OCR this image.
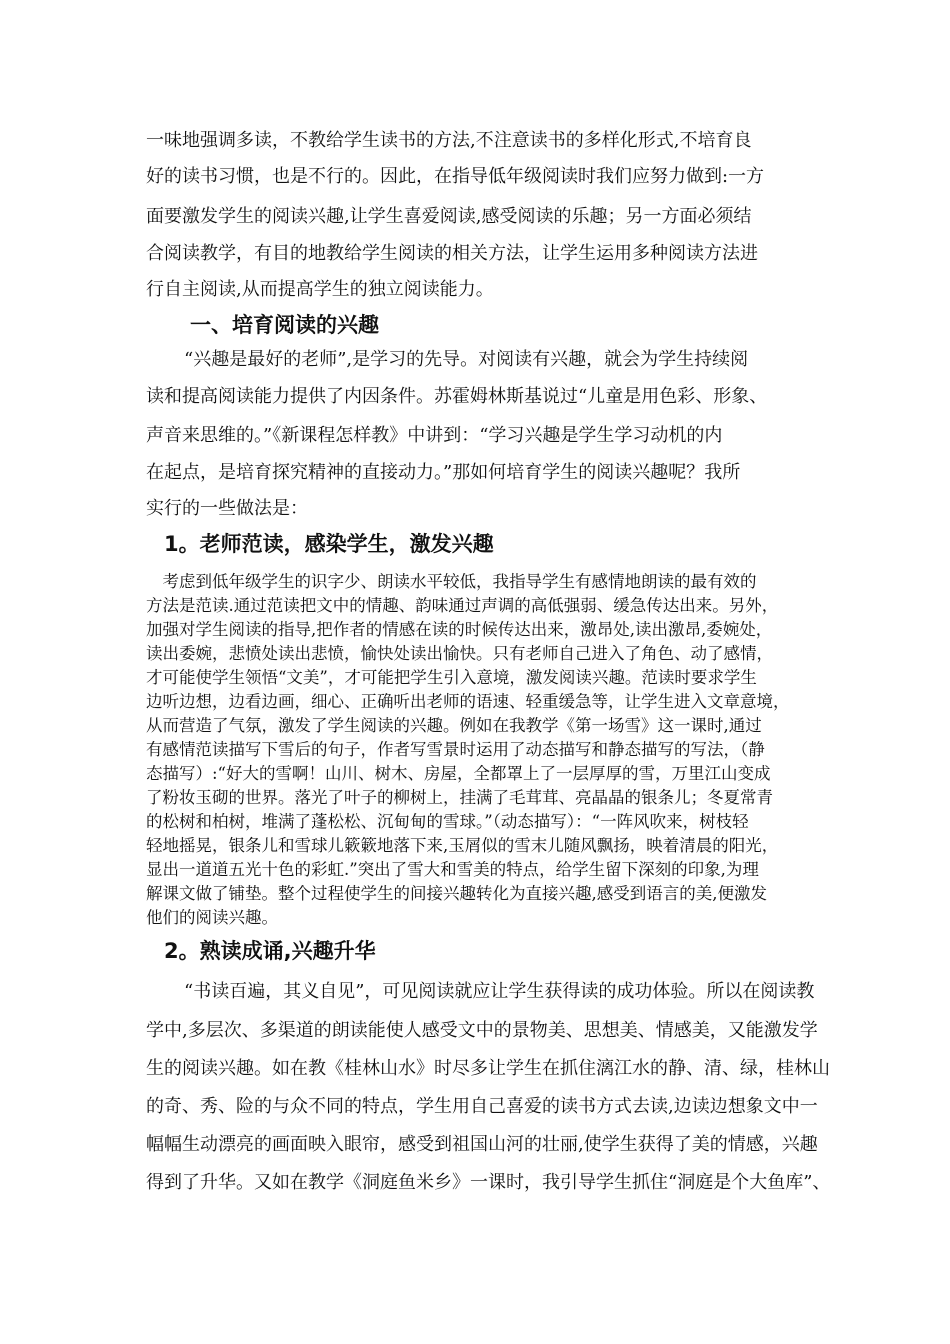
一味地强调多读，不教给学生读书的方法,不注意读书的多样化形式,不培育良

好的读书习惯，也是不行的。因此，在指导低年级阅读时我们应努力做到:一方

面要激发学生的阅读兴趣,让学生喜爱阅读,感受阅读的乐趣；另一方面必须结

合阅读教学，有目的地教给学生阅读的相关方法，让学生运用多种阅读方法进

行自主阅读,从而提高学生的独立阅读能力。

一、培育阅读的兴趣

“兴趣是最好的老师”,是学习的先导。对阅读有兴趣，就会为学生持续阅

读和提高阅读能力提供了内因条件。苏霍姆林斯基说过“儿童是用色彩、形象、

声音来思维的。”《新课程怎样教》中讲到：“学习兴趣是学生学习动机的内

在起点，是培育探究精神的直接动力。”那如何培育学生的阅读兴趣呢？我所

实行的一些做法是：

1。老师范读，感染学生，激发兴趣

　考虑到低年级学生的识字少、朗读水平较低，我指导学生有感情地朗读的最有效的

方法是范读.通过范读把文中的情趣、韵味通过声调的高低强弱、缓急传达出来。另外，

加强对学生阅读的指导,把作者的情感在读的时候传达出来，激昂处,读出激昂,委婉处，

读出委婉，悲愤处读出悲愤，愉快处读出愉快。只有老师自己进入了角色、动了感情，

才可能使学生领悟“文美”，才可能把学生引入意境，激发阅读兴趣。范读时要求学生

边听边想，边看边画，细心、正确听出老师的语速、轻重缓急等，让学生进入文章意境，

从而营造了气氛，激发了学生阅读的兴趣。例如在我教学《第一场雪》这一课时,通过

有感情范读描写下雪后的句子，作者写雪景时运用了动态描写和静态描写的写法，（静

态描写）:“好大的雪啊！山川、树木、房屋，全都罩上了一层厚厚的雪，万里江山变成

了粉妆玉砌的世界。落光了叶子的柳树上，挂满了毛茸茸、亮晶晶的银条儿；冬夏常青

的松树和柏树，堆满了蓬松松、沉甸甸的雪球。”（动态描写）：“一阵风吹来，树枝轻

轻地摇晃，银条儿和雪球儿簌簌地落下来,玉屑似的雪末儿随风飘扬，映着清晨的阳光，

显出一道道五光十色的彩虹.”突出了雪大和雪美的特点，给学生留下深刻的印象,为理

解课文做了铺垫。整个过程使学生的间接兴趣转化为直接兴趣,感受到语言的美,便激发

他们的阅读兴趣。

2。熟读成诵,兴趣升华

“书读百遍，其义自见”，可见阅读就应让学生获得读的成功体验。所以在阅读教

学中,多层次、多渠道的朗读能使人感受文中的景物美、思想美、情感美，又能激发学

生的阅读兴趣。如在教《桂林山水》时尽多让学生在抓住漓江水的静、清、绿，桂林山

的奇、秀、险的与众不同的特点，学生用自己喜爱的读书方式去读,边读边想象文中一

幅幅生动漂亮的画面映入眼帘，感受到祖国山河的壮丽,使学生获得了美的情感，兴趣

得到了升华。又如在教学《洞庭鱼米乡》一课时，我引导学生抓住“洞庭是个大鱼库”、
